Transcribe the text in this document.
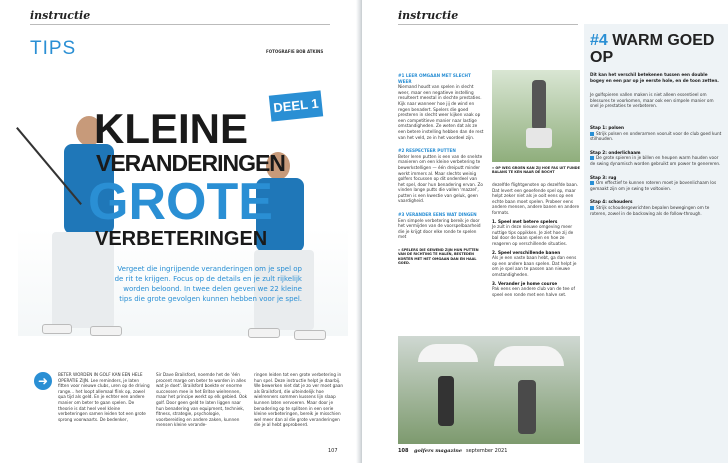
instructie
TIPS	FOTOGRAFIE BOB ATKINS
DEEL 1
KLEINE
VERANDERINGEN
GROTE
VERBETERINGEN
Vergeet die ingrijpende veranderingen om je spel op de rit te krijgen. Focus op de details en je zult rijkelijk worden beloond. In twee delen geven we 22 kleine tips die grote gevolgen kunnen hebben voor je spel.
➜	BETER WORDEN IN GOLF KAN EEN HELE OPERATIE ZIJN. Lee reminders, je laten fitten voor nieuwe clubs, uren op de driving range... het loopt allemaal flink op, zowel qua tijd als geld. En je echter een andere manier om beter te gaan spelen. De theorie is dat heel veel kleine verbeteringen samen leiden tot een grote sprong voorwaarts. De bedenker,
Sir Dave Brailsford, noemde het de 'één procent marge om beter te worden in alles wat je doet'. Brailsford boekte er enorme successen mee in het Britse wielrennen, maar het principe werkt op elk gebied. Ook golf. Door geen geld te laten liggen naar hun benadering van equipment, techniek, fitness, strategie, psychologie, voorbereiding en andere zaken, kunnen mensen kleine verande-
ringen leiden tot een grote verbetering in hun spel. Deze instructie helpt je daarbij. We bewerken niet dat je zo ver moet gaan als Brailsford, die uiteindelijk hoe wielrenners sommen kussens lijn slaap kunnen laten vervoeren. Maar door je benadering op te splitsen in een serie kleine verbeteringen, bereik je misschien wel meer dan al die grote veranderingen die je al hebt geprobeerd.
107
instructie
#1 LEER OMGAAN MET SLECHT WEER
Niemand houdt van spelen in slecht weer, maar een negatieve instelling resulteert meestal in slechte prestaties. Kijk naar wanneer hoe jij de wind en regen benadert. Spelers die goed presteren in slecht weer kijken vaak op een competitieve manier naar lastige omstandigheden. Ze weten dat als ze een betere instelling hebben dan de rest van het veld, ze in het voordeel zijn.
#2 RESPECTEER PUTTEN
Beter leren putten is een van de snelste manieren om een kleine verbetering te bewerkstelligen — één dreiputt minder werkt immers al. Maar slechts weinig golfers focussen op dit onderdeel van het spel, door hun benadering ervan. Zo vinden lange putts die vallen 'mazzel', putten is een kwestie van geluk, geen vaardigheid.
#3 VERANDER EENS WAT DINGEN
Een simpele verbetering bereik je door het vermijden van de voorspelbaarheid die je krijgt door elke ronde te spelen met
» SPELERS DIE GEWEND ZIJN HUN PUTTEN VAN DE RICHTING TE HALEN, BESTEDEN KORTER MET HET OMGAAN DAN EN HAAL GOED.
» OP WEG GROEN KAN ZIJ HOE FAS UIT FUNDE BALANS TE KEN NAAR DE BOCHT
dezelfde flightgenoten op dezelfde baan. Dat levert een geoefende spel op, maar helpt zeker niet als je ooit eens op een echte baan moet spelen. Probeer eens andere mensen, andere banen en andere formats.
1. Speel met betere spelers
Je zult in deze nieuwe omgeving meer nuttige tips oppikken. Je ziet hoe zij de bal door de baan spelen en hoe ze reageren op verschillende situaties.
2. Speel verschillende banen
Als je een vaste baan hebt, ga dan eens op een andere baan spelen. Dat helpt je om je spel aan te passen aan nieuwe omstandigheden.
3. Verander je home course
Pak eens een andere club van de tee of speel een ronde met een halve set.
#4 WARM GOED OP
Dit kan het verschil betekenen tussen een double bogey en een par op je eerste hole, en de toon zetten.
Je golfspieren vallen maken is niet alleen essentieel om blessures te voorkomen, maar ook een simpele manier om snel je prestaties te verbeteren.
Stap 1: polsen
Strijk polsen en onderarmen vooruit voor de club goed kunt stilhouden.
Stap 2: onderlichaam
De grote spieren in je billen en heupen warm houden voor de swing dynamisch worden gebruikt om power te genereren.
Stap 3: rug
Om effectief te kunnen roteren moet je bovenlichaam los gemaakt zijn om je swing te voltooien.
Stap 4: schouders
Strijk schoudergewrichten bepalen bewegingen om te roteren, zowel in de backswing als de follow-through.
108 golfers magazine september 2021
